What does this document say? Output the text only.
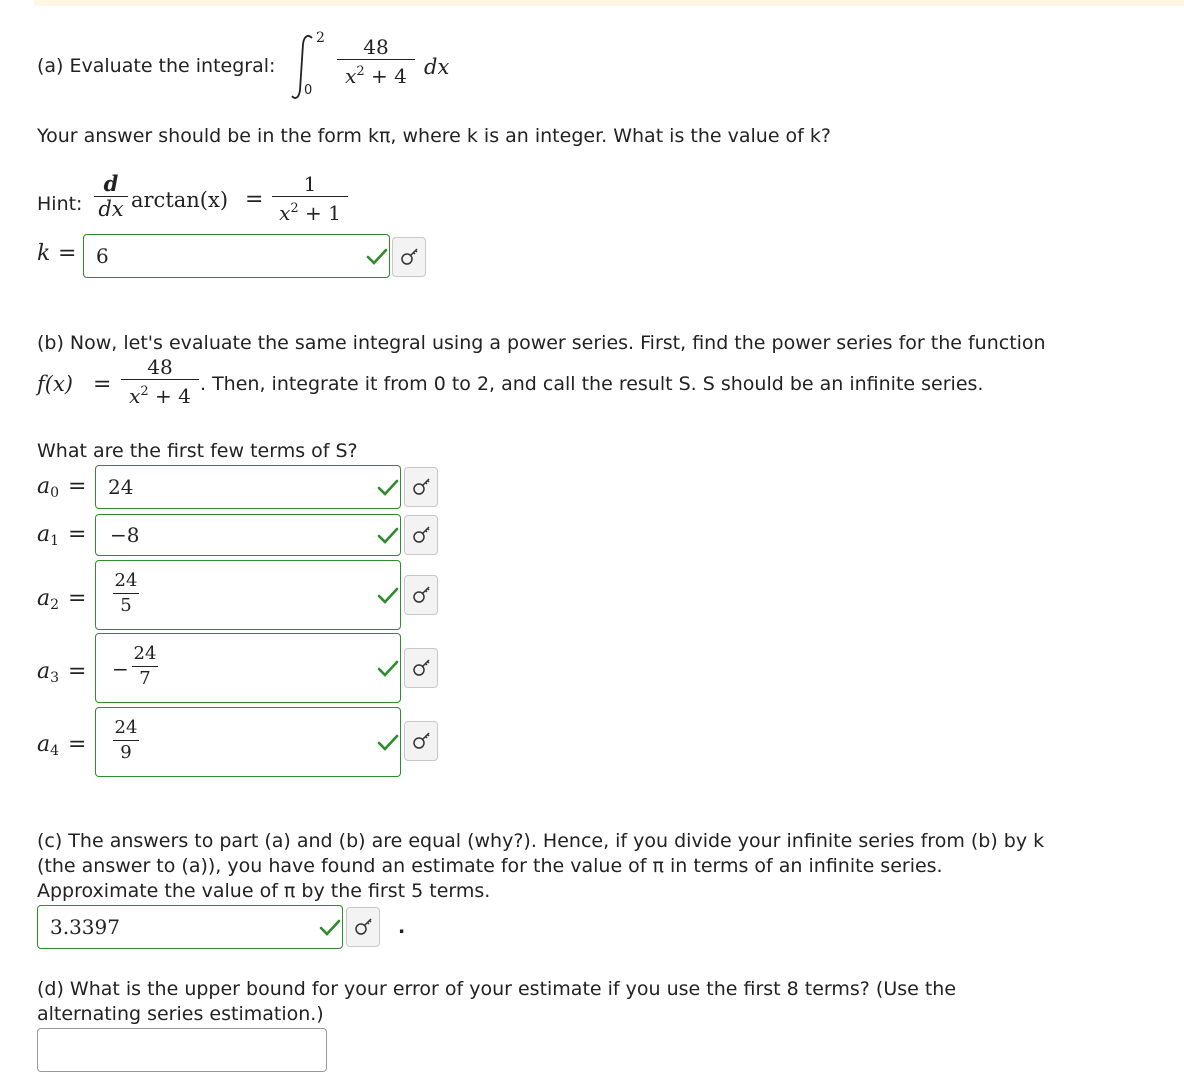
(a) Evaluate the integral:
2
0
48
$x^2 + 4$ dx
Your answer should be in the form kπ, where k is an integer. What is the value of k?
Hint:
d
dx arctan(x) =
1
$x^2 + 1$
k = 6
(b) Now, let's evaluate the same integral using a power series. First, find the power series for the function
f(x) =
48
$x^2 + 4$ . Then, integrate it from 0 to 2, and call the result S. S should be an infinite series.
What are the first few terms of S?
$a_0 = 24$
$a_1 = -8$
$a_2$ =
24
5
$a_3$ = −
24
7
$a_4$ =
24
9
(c) The answers to part (a) and (b) are equal (why?). Hence, if you divide your infinite series from (b) by k
(the answer to (a)), you have found an estimate for the value of π in terms of an infinite series.
Approximate the value of π by the first 5 terms.
3.3397	.
(d) What is the upper bound for your error of your estimate if you use the first 8 terms? (Use the
alternating series estimation.)
